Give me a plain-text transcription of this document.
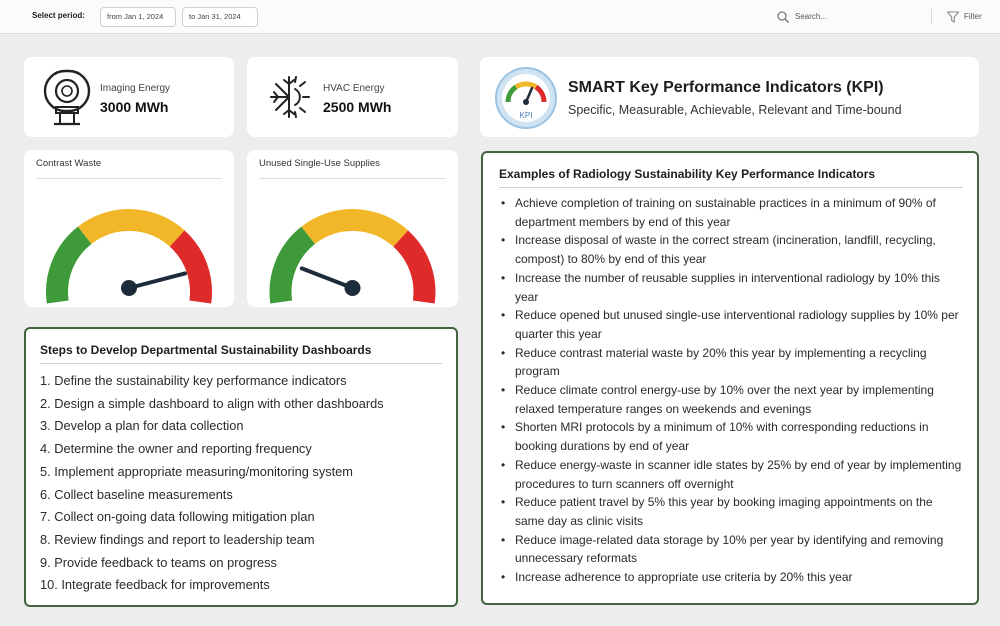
Select period:	from Jan 1, 2024	to Jan 31, 2024	Search...	Filter
Imaging Energy
3000 MWh
HVAC Energy
2500 MWh
Contrast Waste	Unused Single-Use Supplies
Steps to Develop Departmental Sustainability Dashboards
1. Define the sustainability key performance indicators
2. Design a simple dashboard to align with other dashboards
3. Develop a plan for data collection
4. Determine the owner and reporting frequency
5. Implement appropriate measuring/monitoring system
6. Collect baseline measurements
7. Collect on-going data following mitigation plan
8. Review findings and report to leadership team
9. Provide feedback to teams on progress
10. Integrate feedback for improvements
KPI
SMART Key Performance Indicators (KPI)
Specific, Measurable, Achievable, Relevant and Time-bound
Examples of Radiology Sustainability Key Performance Indicators
• Achieve completion of training on sustainable practices in a minimum of 90% of department members by end of this year
• Increase disposal of waste in the correct stream (incineration, landfill, recycling, compost) to 80% by end of this year
• Increase the number of reusable supplies in interventional radiology by 10% this year
• Reduce opened but unused single-use interventional radiology supplies by 10% per quarter this year
• Reduce contrast material waste by 20% this year by implementing a recycling program
• Reduce climate control energy-use by 10% over the next year by implementing relaxed temperature ranges on weekends and evenings
• Shorten MRI protocols by a minimum of 10% with corresponding reductions in booking durations by end of year
• Reduce energy-waste in scanner idle states by 25% by end of year by implementing procedures to turn scanners off overnight
• Reduce patient travel by 5% this year by booking imaging appointments on the same day as clinic visits
• Reduce image-related data storage by 10% per year by identifying and removing unnecessary reformats
• Increase adherence to appropriate use criteria by 20% this year
